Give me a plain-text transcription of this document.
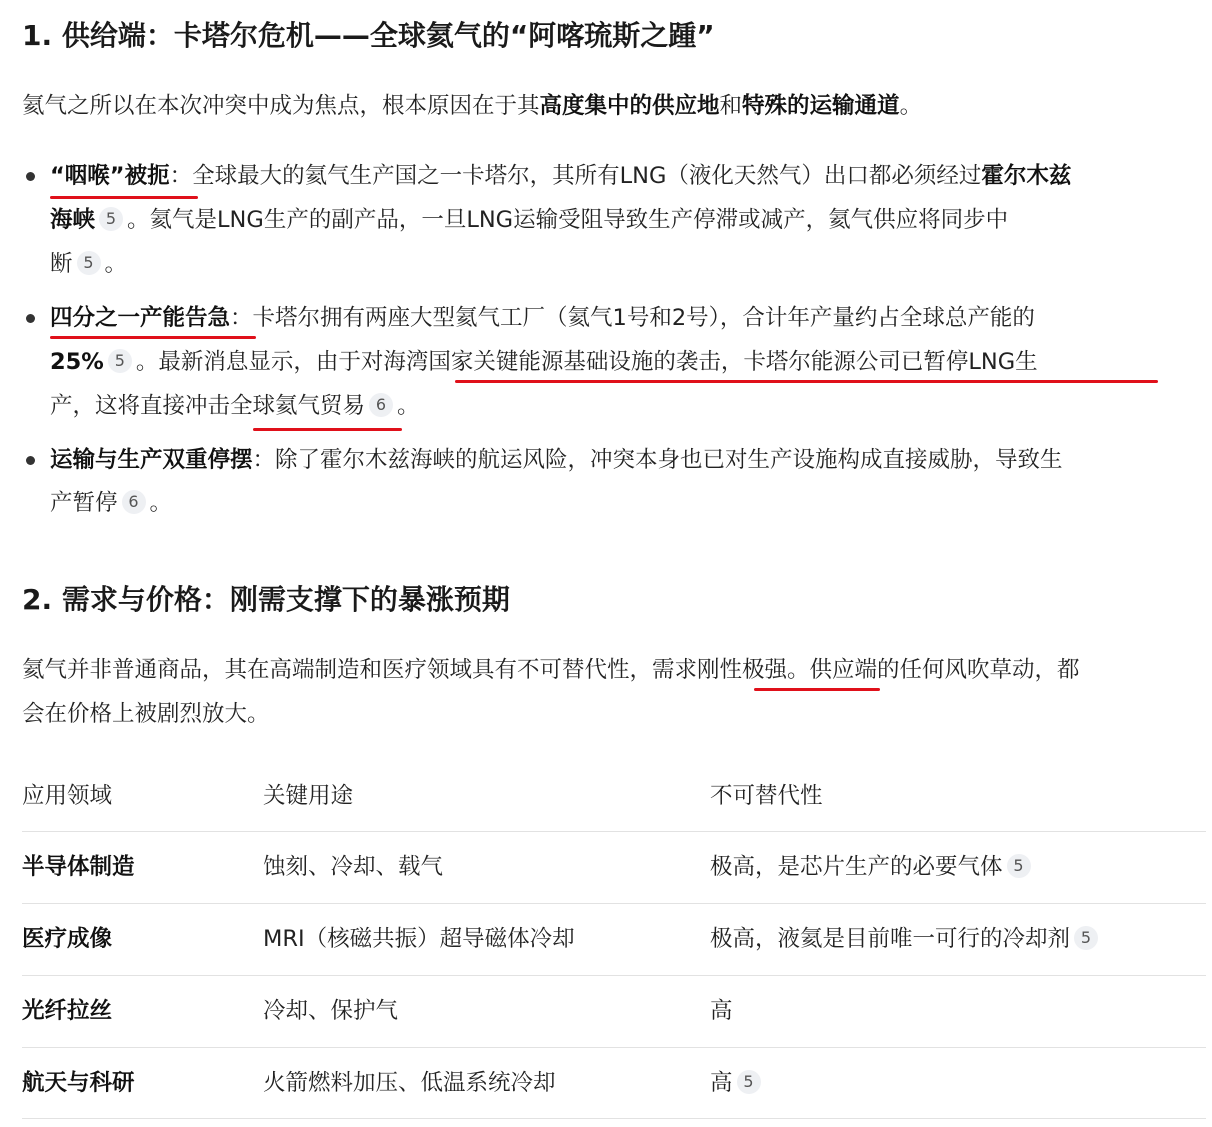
1. 供给端：卡塔尔危机——全球氦气的“阿喀琉斯之踵”
氦气之所以在本次冲突中成为焦点，根本原因在于其高度集中的供应地和特殊的运输通道。
“咽喉”被扼：全球最大的氦气生产国之一卡塔尔，其所有LNG（液化天然气）出口都必须经过霍尔木兹
海峡 5 。氦气是LNG生产的副产品，一旦LNG运输受阻导致生产停滞或减产，氦气供应将同步中
断 5 。
四分之一产能告急：卡塔尔拥有两座大型氦气工厂（氦气1号和2号），合计年产量约占全球总产能的
25% 5 。最新消息显示，由于对海湾国家关键能源基础设施的袭击，卡塔尔能源公司已暂停LNG生
产，这将直接冲击全球氦气贸易 6 。
运输与生产双重停摆：除了霍尔木兹海峡的航运风险，冲突本身也已对生产设施构成直接威胁，导致生
产暂停 6 。
2. 需求与价格：刚需支撑下的暴涨预期
氦气并非普通商品，其在高端制造和医疗领域具有不可替代性，需求刚性极强。供应端的任何风吹草动，都
会在价格上被剧烈放大。
应用领域	关键用途	不可替代性
半导体制造	蚀刻、冷却、载气	极高，是芯片生产的必要气体 5
医疗成像	MRI（核磁共振）超导磁体冷却	极高，液氦是目前唯一可行的冷却剂 5
光纤拉丝	冷却、保护气	高
航天与科研	火箭燃料加压、低温系统冷却	高 5
